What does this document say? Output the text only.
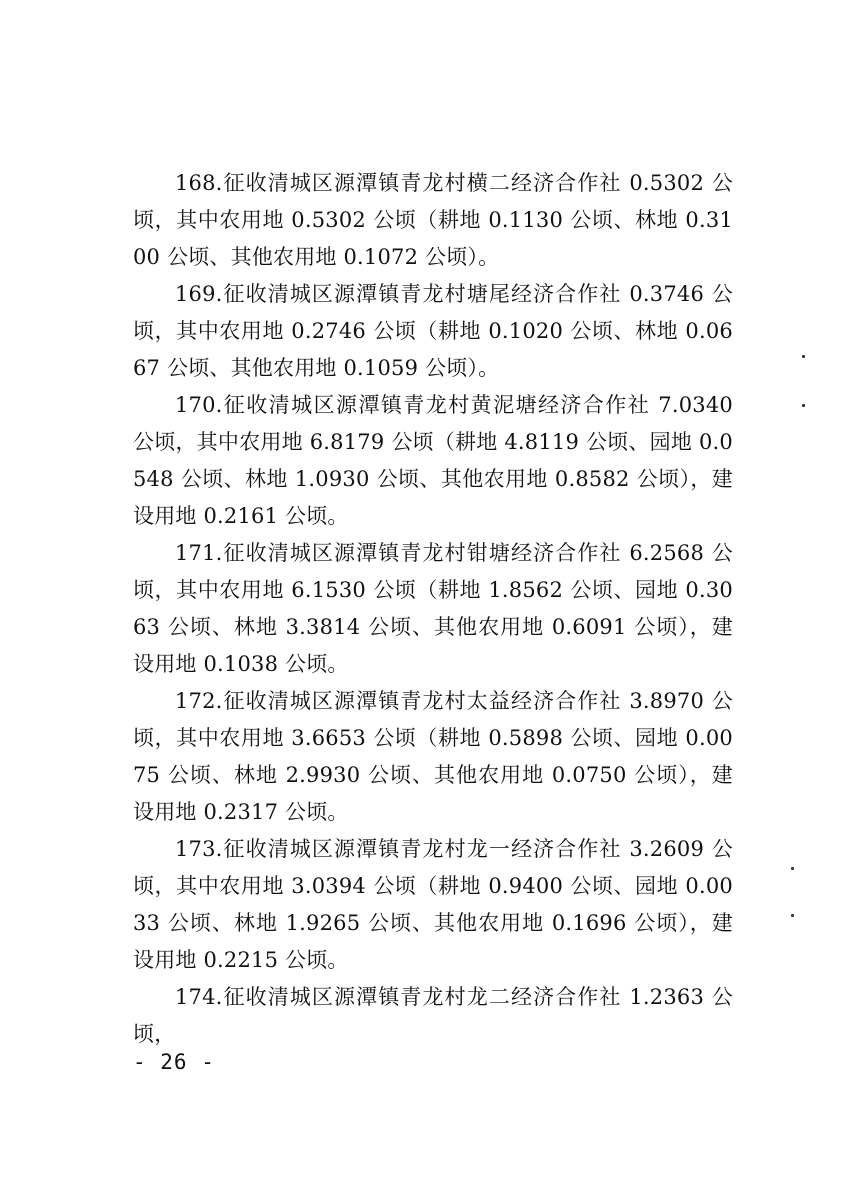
168.征收清城区源潭镇青龙村横二经济合作社 0.5302 公顷，其中农用地 0.5302 公顷（耕地 0.1130 公顷、林地 0.3100 公顷、其他农用地 0.1072 公顷）。

169.征收清城区源潭镇青龙村塘尾经济合作社 0.3746 公顷，其中农用地 0.2746 公顷（耕地 0.1020 公顷、林地 0.0667 公顷、其他农用地 0.1059 公顷）。

170.征收清城区源潭镇青龙村黄泥塘经济合作社 7.0340 公顷，其中农用地 6.8179 公顷（耕地 4.8119 公顷、园地 0.0548 公顷、林地 1.0930 公顷、其他农用地 0.8582 公顷），建设用地 0.2161 公顷。

171.征收清城区源潭镇青龙村钳塘经济合作社 6.2568 公顷，其中农用地 6.1530 公顷（耕地 1.8562 公顷、园地 0.3063 公顷、林地 3.3814 公顷、其他农用地 0.6091 公顷），建设用地 0.1038 公顷。

172.征收清城区源潭镇青龙村太益经济合作社 3.8970 公顷，其中农用地 3.6653 公顷（耕地 0.5898 公顷、园地 0.0075 公顷、林地 2.9930 公顷、其他农用地 0.0750 公顷），建设用地 0.2317 公顷。

173.征收清城区源潭镇青龙村龙一经济合作社 3.2609 公顷，其中农用地 3.0394 公顷（耕地 0.9400 公顷、园地 0.0033 公顷、林地 1.9265 公顷、其他农用地 0.1696 公顷），建设用地 0.2215 公顷。

174.征收清城区源潭镇青龙村龙二经济合作社 1.2363 公顷，

- 26 -
